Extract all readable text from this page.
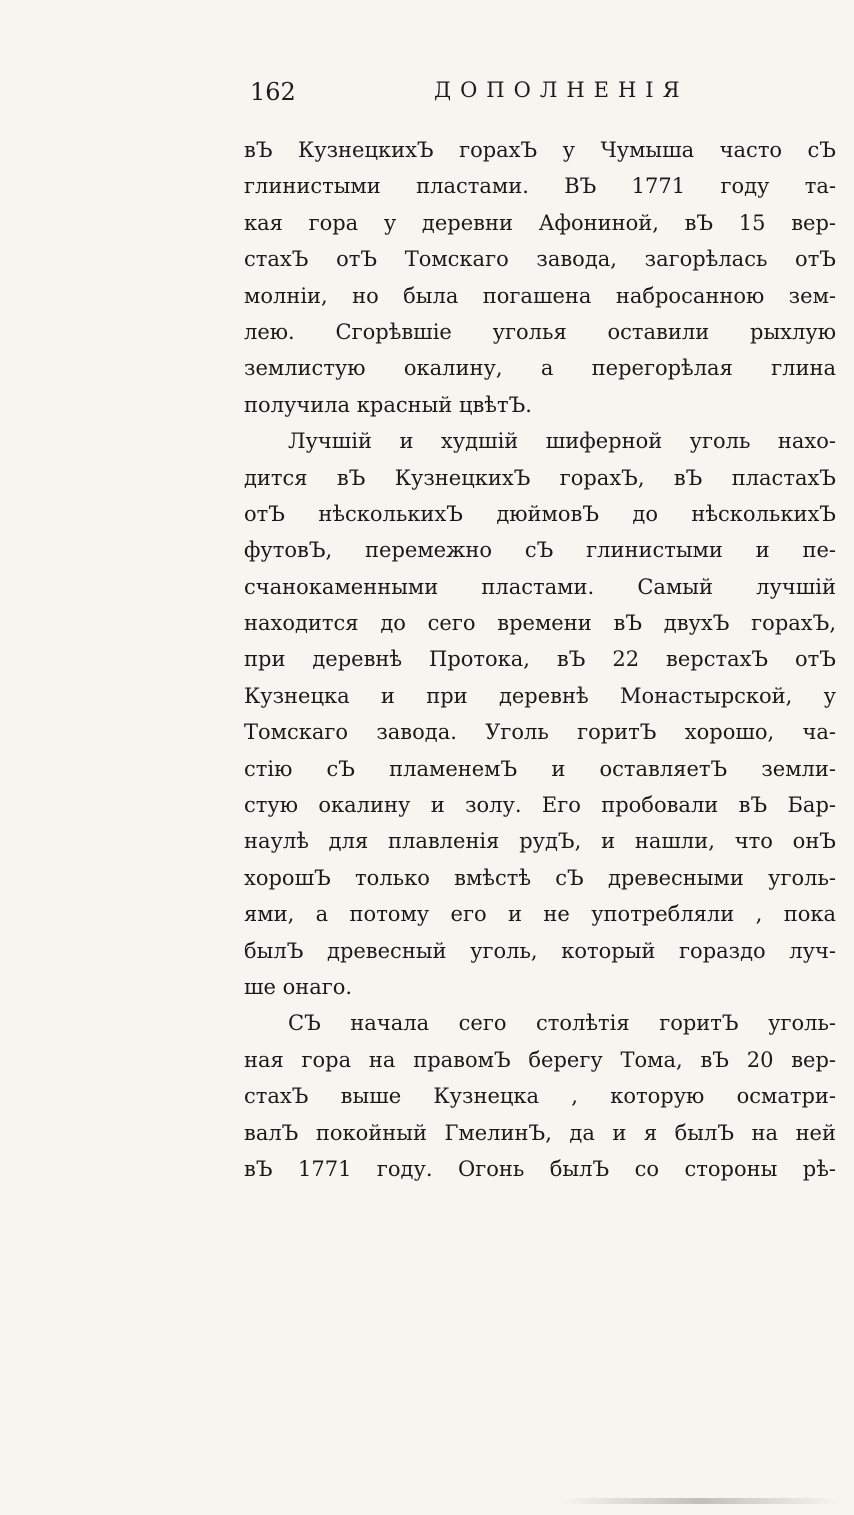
162	ДОПОЛНЕНІЯ
вЪ КузнецкихЪ горахЪ у Чумыша часто сЪ
глинистыми пластами. ВЪ 1771 году та-
кая гора у деревни Афониной, вЪ 15 вер-
стахЪ отЪ Томскаго завода, загорѣлась отЪ
молніи, но была погашена набросанною зем-
лею. Сгорѣвшіе уголья оставили рыхлую
землистую окалину, а перегорѣлая глина
получила красный цвѣтЪ.
Лучшій и худшій шиферной уголь нахо-
дится вЪ КузнецкихЪ горахЪ, вЪ пластахЪ
отЪ нѣсколькихЪ дюймовЪ до нѣсколькихЪ
футовЪ, перемежно сЪ глинистыми и пе-
счанокаменными пластами. Самый лучшій
находится до сего времени вЪ двухЪ горахЪ,
при деревнѣ Протока, вЪ 22 верстахЪ отЪ
Кузнецка и при деревнѣ Монастырской, у
Томскаго завода. Уголь горитЪ хорошо, ча-
стію сЪ пламенемЪ и оставляетЪ земли-
стую окалину и золу. Его пробовали вЪ Бар-
наулѣ для плавленія рудЪ, и нашли, что онЪ
хорошЪ только вмѣстѣ сЪ древесными уголь-
ями, а потому его и не употребляли , пока
былЪ древесный уголь, который гораздо луч-
ше онаго.
СЪ начала сего столѣтія горитЪ уголь-
ная гора на правомЪ берегу Тома, вЪ 20 вер-
стахЪ выше Кузнецка , которую осматри-
валЪ покойный ГмелинЪ, да и я былЪ на ней
вЪ 1771 году. Огонь былЪ со стороны рѣ-
